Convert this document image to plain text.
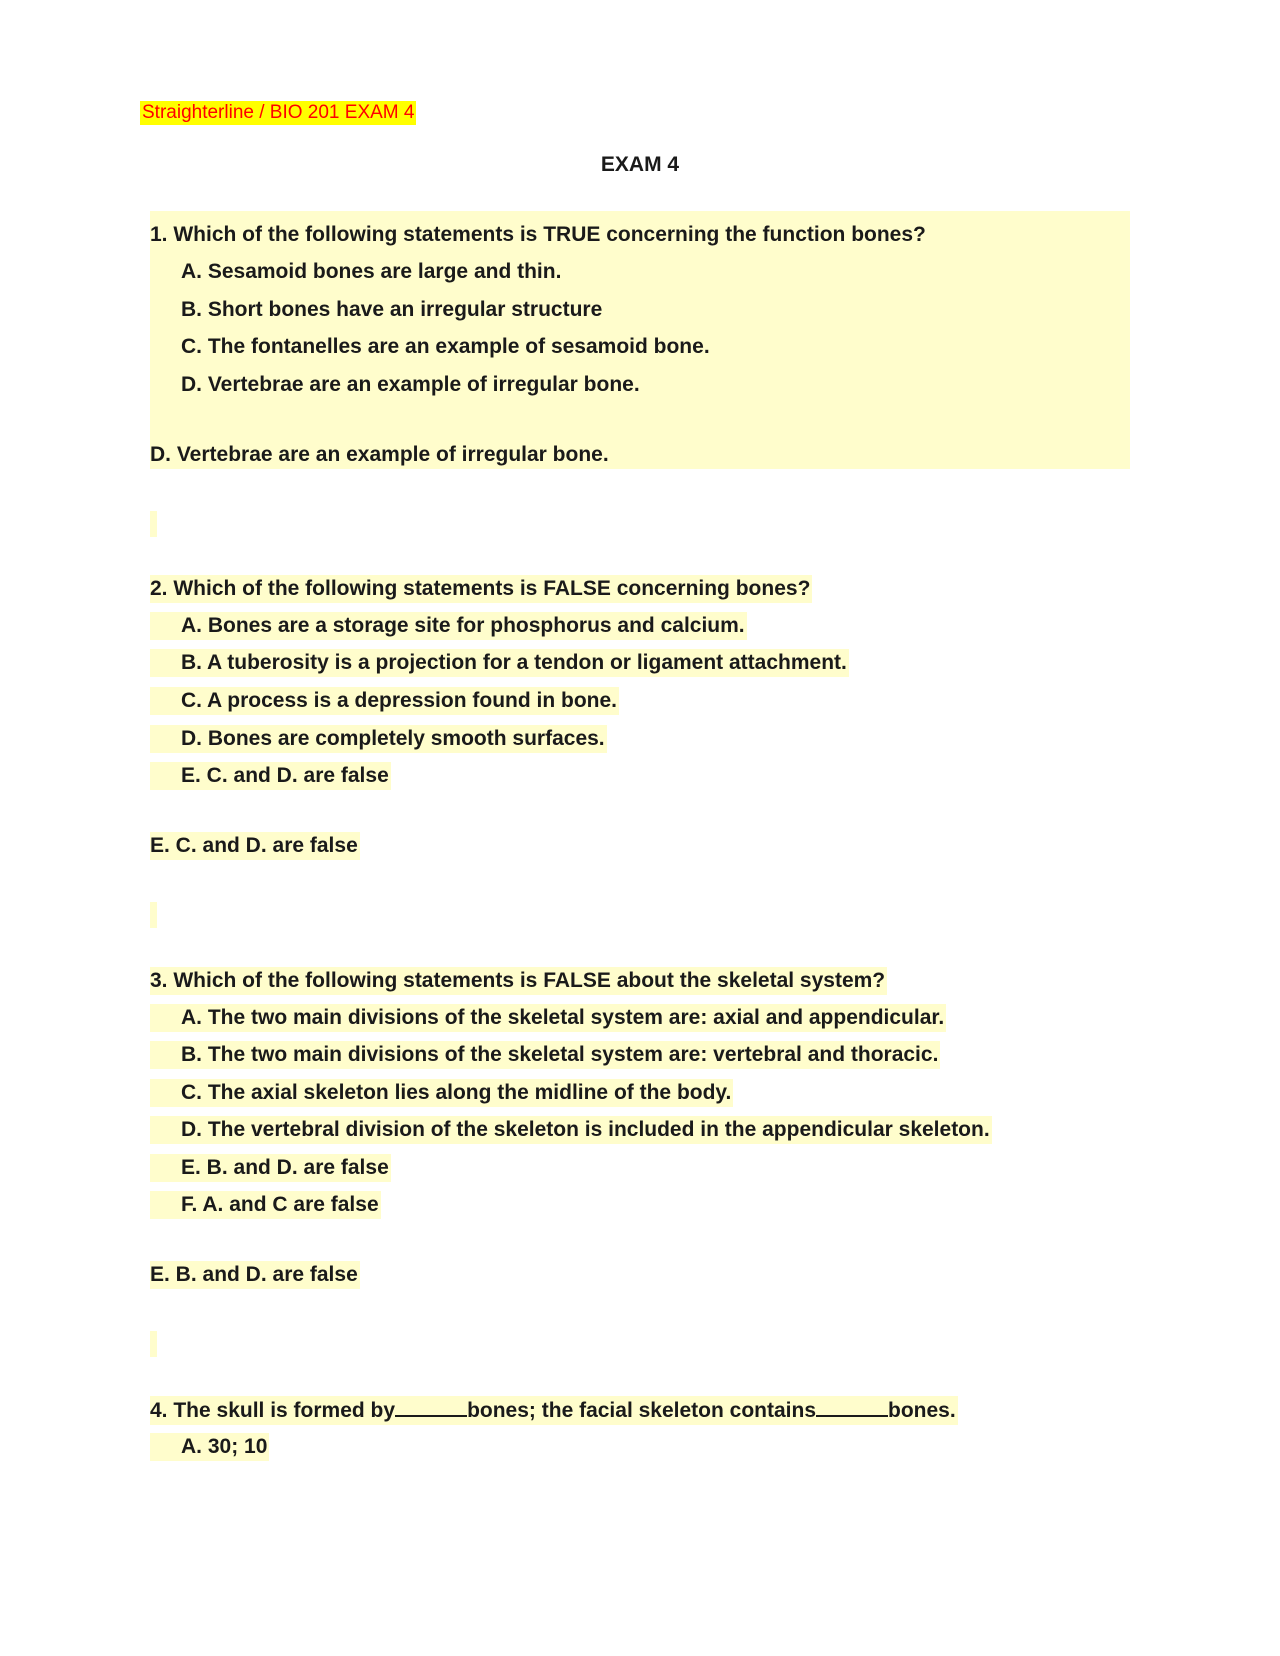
Straighterline / BIO 201 EXAM 4
EXAM 4
1. Which of the following statements is TRUE concerning the function bones?
A. Sesamoid bones are large and thin.
B. Short bones have an irregular structure
C. The fontanelles are an example of sesamoid bone.
D. Vertebrae are an example of irregular bone.
D. Vertebrae are an example of irregular bone.
2. Which of the following statements is FALSE concerning bones?
A. Bones are a storage site for phosphorus and calcium.
B. A tuberosity is a projection for a tendon or ligament attachment.
C. A process is a depression found in bone.
D. Bones are completely smooth surfaces.
E. C. and D. are false
E. C. and D. are false
3. Which of the following statements is FALSE about the skeletal system?
A. The two main divisions of the skeletal system are: axial and appendicular.
B. The two main divisions of the skeletal system are: vertebral and thoracic.
C. The axial skeleton lies along the midline of the body.
D. The vertebral division of the skeleton is included in the appendicular skeleton.
E. B. and D. are false
F. A. and C are false
E. B. and D. are false
4. The skull is formed by	bones; the facial skeleton contains	bones.
A. 30; 10
